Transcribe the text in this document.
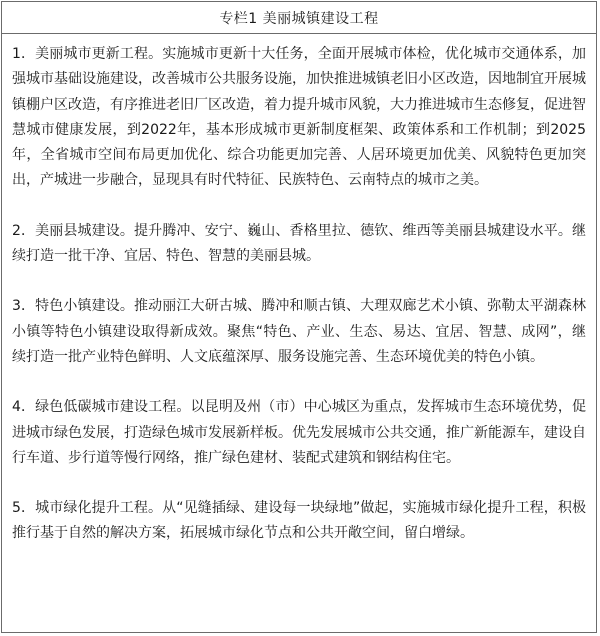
专栏1 美丽城镇建设工程

1．美丽城市更新工程。实施城市更新十大任务，全面开展城市体检，优化城市交通体系，加强城市基础设施建设，改善城市公共服务设施，加快推进城镇老旧小区改造，因地制宜开展城镇棚户区改造，有序推进老旧厂区改造，着力提升城市风貌，大力推进城市生态修复，促进智慧城市健康发展，到2022年，基本形成城市更新制度框架、政策体系和工作机制；到2025年，全省城市空间布局更加优化、综合功能更加完善、人居环境更加优美、风貌特色更加突出，产城进一步融合，显现具有时代特征、民族特色、云南特点的城市之美。

2．美丽县城建设。提升腾冲、安宁、巍山、香格里拉、德钦、维西等美丽县城建设水平。继续打造一批干净、宜居、特色、智慧的美丽县城。

3．特色小镇建设。推动丽江大研古城、腾冲和顺古镇、大理双廊艺术小镇、弥勒太平湖森林小镇等特色小镇建设取得新成效。聚焦“特色、产业、生态、易达、宜居、智慧、成网”，继续打造一批产业特色鲜明、人文底蕴深厚、服务设施完善、生态环境优美的特色小镇。

4．绿色低碳城市建设工程。以昆明及州（市）中心城区为重点，发挥城市生态环境优势，促进城市绿色发展，打造绿色城市发展新样板。优先发展城市公共交通，推广新能源车，建设自行车道、步行道等慢行网络，推广绿色建材、装配式建筑和钢结构住宅。

5．城市绿化提升工程。从“见缝插绿、建设每一块绿地”做起，实施城市绿化提升工程，积极推行基于自然的解决方案，拓展城市绿化节点和公共开敞空间，留白增绿。
